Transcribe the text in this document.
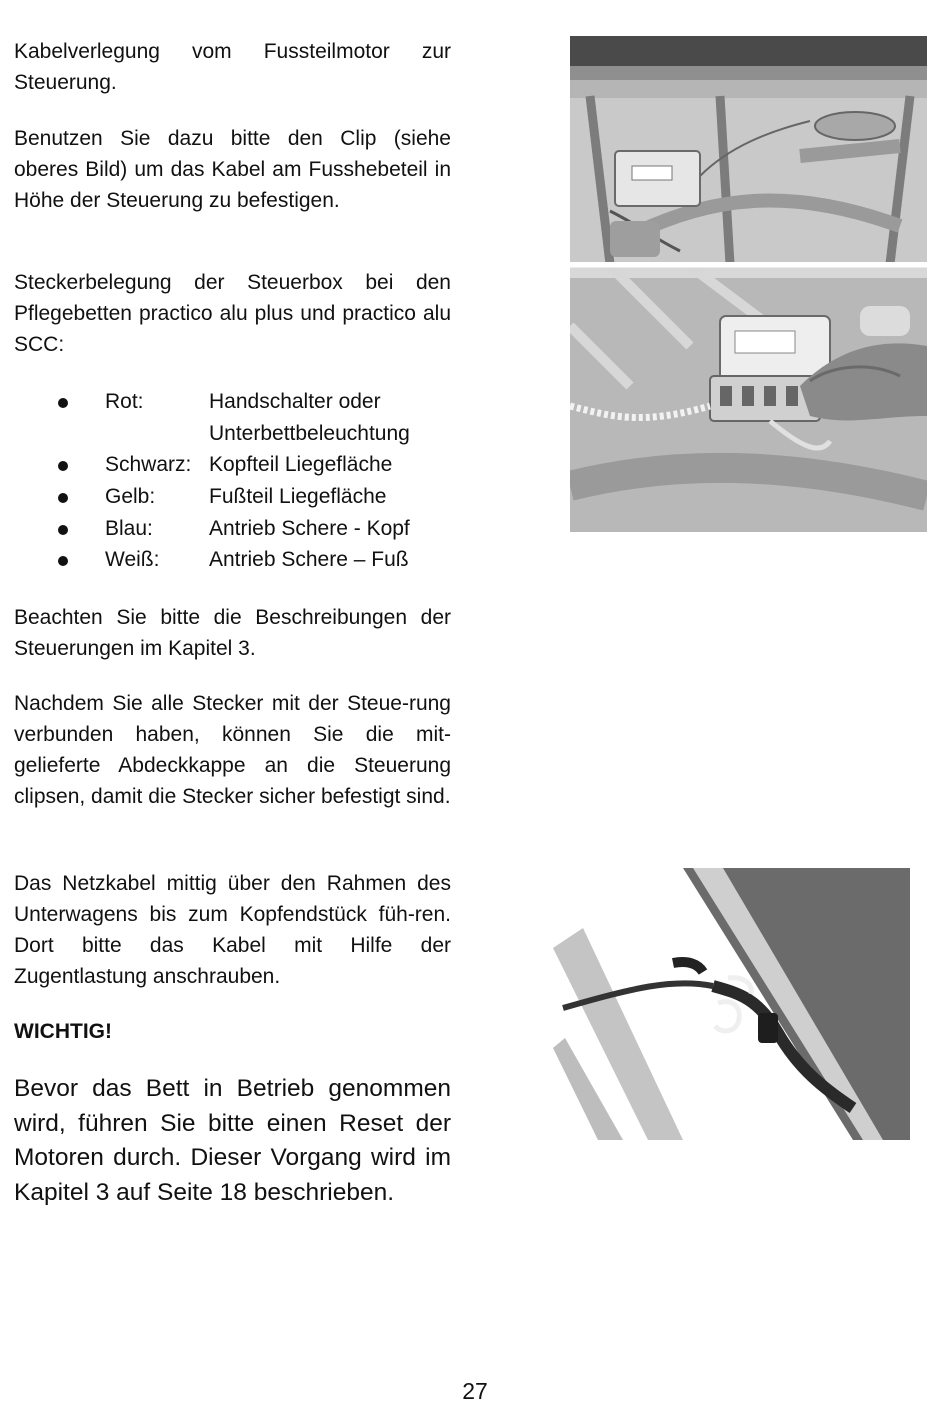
Kabelverlegung vom Fussteilmotor zur Steuerung.

Benutzen Sie dazu bitte den Clip (siehe oberes Bild) um das Kabel am Fusshebeteil in Höhe der Steuerung zu befestigen.

Steckerbelegung der Steuerbox bei den Pflegebetten practico alu plus und practico alu SCC:

Rot:	Handschalter oder Unterbettbeleuchtung
Schwarz: Kopfteil Liegefläche
Gelb:	Fußteil Liegefläche
Blau:	Antrieb Schere - Kopf
Weiß: Antrieb Schere – Fuß

Beachten Sie bitte die Beschreibungen der Steuerungen im Kapitel 3.

Nachdem Sie alle Stecker mit der Steue-rung verbunden haben, können Sie die mit-gelieferte Abdeckkappe an die Steuerung clipsen, damit die Stecker sicher befestigt sind.

Das Netzkabel mittig über den Rahmen des Unterwagens bis zum Kopfendstück füh-ren. Dort bitte das Kabel mit Hilfe der Zugentlastung anschrauben.

WICHTIG!

Bevor das Bett in Betrieb genommen wird, führen Sie bitte einen Reset der Motoren durch. Dieser Vorgang wird im Kapitel 3 auf Seite 18 beschrieben.

27
